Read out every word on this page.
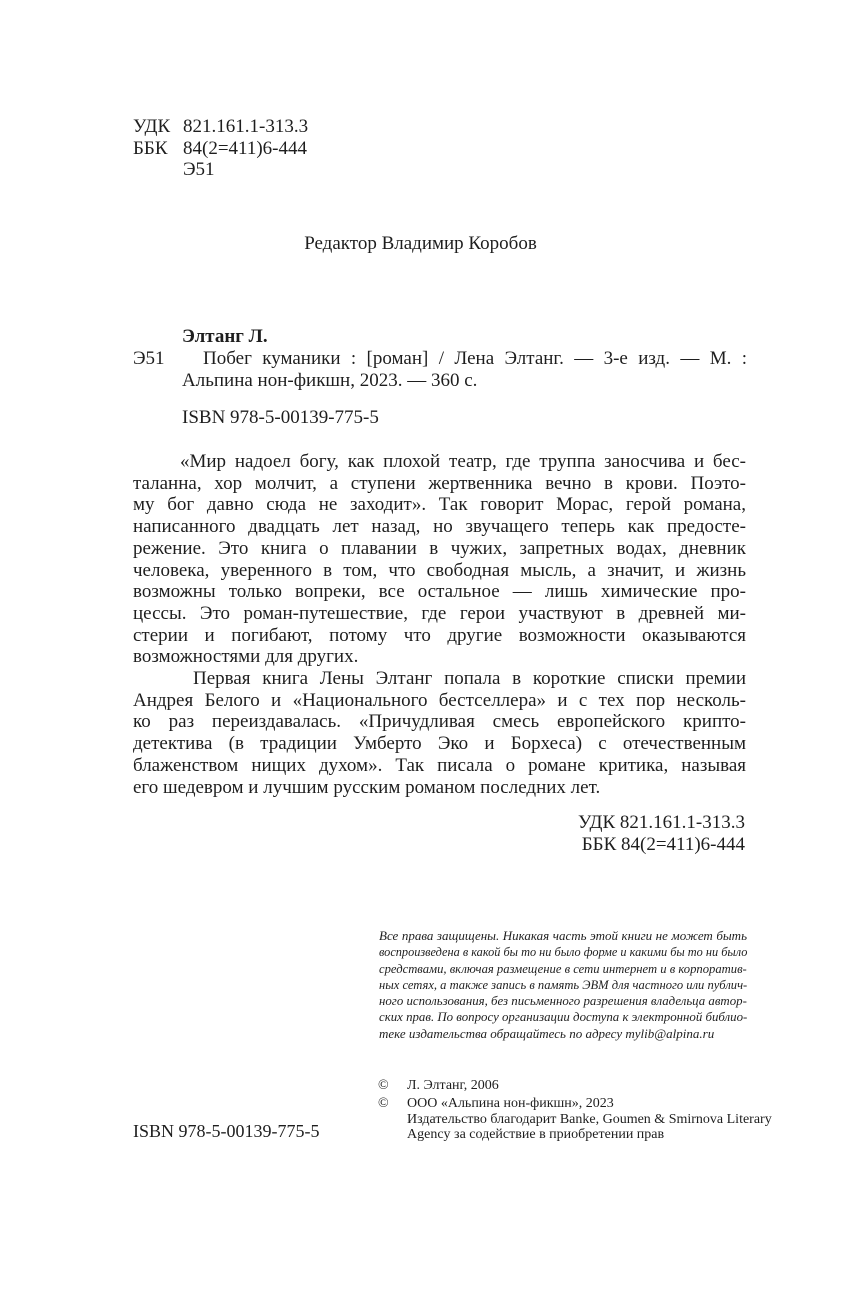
УДК 821.161.1-313.3
ББК 84(2=411)6-444
Э51
Редактор Владимир Коробов
Элтанг Л.
Э51	Побег куманики : [роман] / Лена Элтанг. — 3-е изд. — М. :
Альпина нон-фикшн, 2023. — 360 с.
ISBN 978-5-00139-775-5
«Мир надоел богу, как плохой театр, где труппа заносчива и бес-
таланна, хор молчит, а ступени жертвенника вечно в крови. Поэто-
му бог давно сюда не заходит». Так говорит Морас, герой романа,
написанного двадцать лет назад, но звучащего теперь как предосте-
режение. Это книга о плавании в чужих, запретных водах, дневник
человека, уверенного в том, что свободная мысль, а значит, и жизнь
возможны только вопреки, все остальное — лишь химические про-
цессы. Это роман-путешествие, где герои участвуют в древней ми-
стерии и погибают, потому что другие возможности оказываются
возможностями для других.
Первая книга Лены Элтанг попала в короткие списки премии
Андрея Белого и «Национального бестселлера» и с тех пор несколь-
ко раз переиздавалась. «Причудливая смесь европейского крипто-
детектива (в традиции Умберто Эко и Борхеса) с отечественным
блаженством нищих духом». Так писала о романе критика, называя
его шедевром и лучшим русским романом последних лет.
УДК 821.161.1-313.3
ББК 84(2=411)6-444
Все права защищены. Никакая часть этой книги не может быть
воспроизведена в какой бы то ни было форме и какими бы то ни было
средствами, включая размещение в сети интернет и в корпоратив-
ных сетях, а также запись в память ЭВМ для частного или публич-
ного использования, без письменного разрешения владельца автор-
ских прав. По вопросу организации доступа к электронной библио-
теке издательства обращайтесь по адресу mylib@alpina.ru
© Л. Элтанг, 2006
© ООО «Альпина нон-фикшн», 2023
Издательство благодарит Banke, Goumen & Smirnova Literary
Agency за содействие в приобретении прав
ISBN 978-5-00139-775-5
